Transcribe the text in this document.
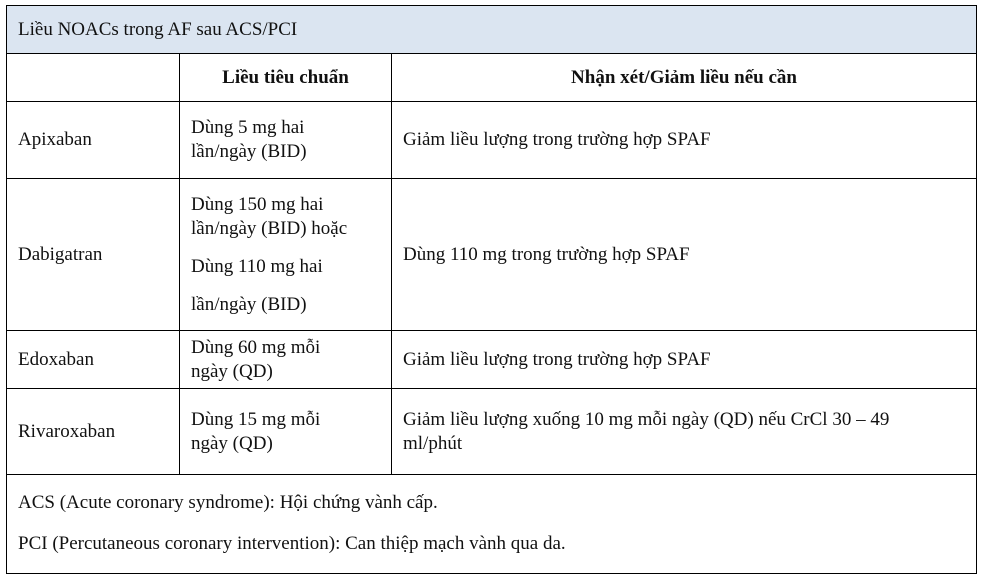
Liều NOACs trong AF sau ACS/PCI
Liều tiêu chuẩn	Nhận xét/Giảm liều nếu cần
Apixaban
Dùng 5 mg hai
lần/ngày (BID)
Giảm liều lượng trong trường hợp SPAF
Dabigatran
Dùng 150 mg hai
lần/ngày (BID) hoặc
Dùng 110 mg hai
lần/ngày (BID)
Dùng 110 mg trong trường hợp SPAF
Edoxaban
Dùng 60 mg mỗi
ngày (QD)
Giảm liều lượng trong trường hợp SPAF
Rivaroxaban
Dùng 15 mg mỗi
ngày (QD)
Giảm liều lượng xuống 10 mg mỗi ngày (QD) nếu CrCl 30 – 49
ml/phút
ACS (Acute coronary syndrome): Hội chứng vành cấp.
PCI (Percutaneous coronary intervention): Can thiệp mạch vành qua da.
